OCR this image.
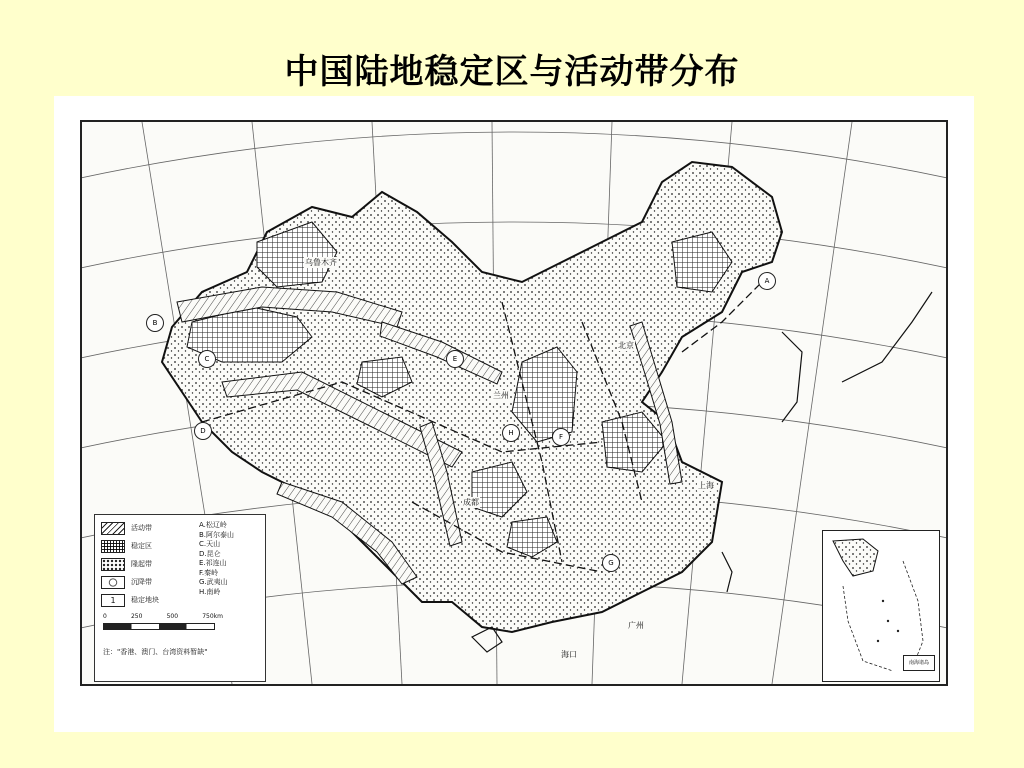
中国陆地稳定区与活动带分布
乌鲁木齐
兰州
北京
成都
上海
广州
海口
A
B
C
D
E
F
G
H
活动带
稳定区
隆起带
沉降带
1	稳定地块
A.松辽岭
B.阿尔泰山
C.天山
D.昆仑
E.祁连山
F.秦岭
G.武夷山
H.南岭
0	250	500	750km
注："香港、澳门、台湾资料暂缺"
南海诸岛
